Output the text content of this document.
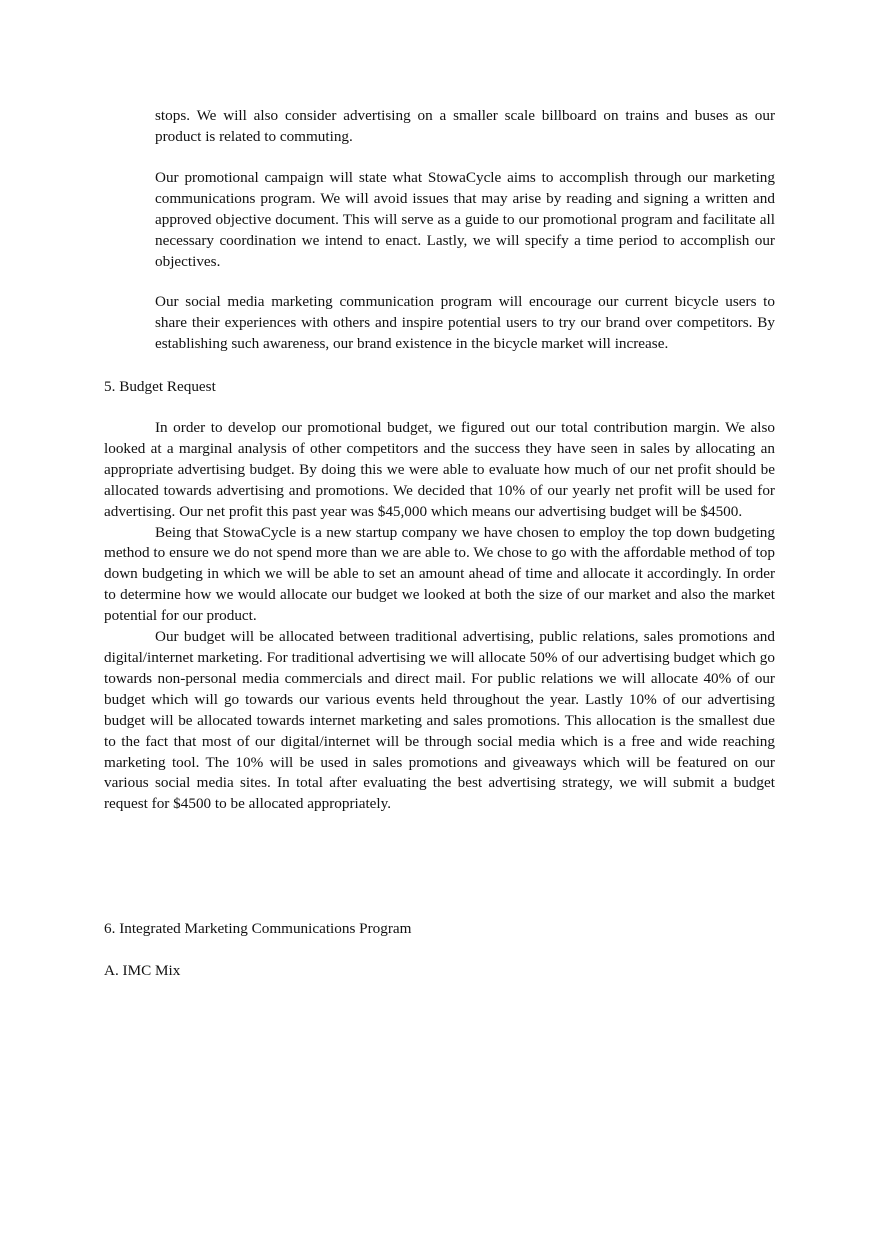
stops. We will also consider advertising on a smaller scale billboard on trains and buses as our product is related to commuting.

Our promotional campaign will state what StowaCycle aims to accomplish through our marketing communications program. We will avoid issues that may arise by reading and signing a written and approved objective document. This will serve as a guide to our promotional program and facilitate all necessary coordination we intend to enact. Lastly, we will specify a time period to accomplish our objectives.

Our social media marketing communication program will encourage our current bicycle users to share their experiences with others and inspire potential users to try our brand over competitors. By establishing such awareness, our brand existence in the bicycle market will increase.

5. Budget Request

In order to develop our promotional budget, we figured out our total contribution margin. We also looked at a marginal analysis of other competitors and the success they have seen in sales by allocating an appropriate advertising budget. By doing this we were able to evaluate how much of our net profit should be allocated towards advertising and promotions. We decided that 10% of our yearly net profit will be used for advertising. Our net profit this past year was $45,000 which means our advertising budget will be $4500.

Being that StowaCycle is a new startup company we have chosen to employ the top down budgeting method to ensure we do not spend more than we are able to. We chose to go with the affordable method of top down budgeting in which we will be able to set an amount ahead of time and allocate it accordingly. In order to determine how we would allocate our budget we looked at both the size of our market and also the market potential for our product.

Our budget will be allocated between traditional advertising, public relations, sales promotions and digital/internet marketing. For traditional advertising we will allocate 50% of our advertising budget which go towards non-personal media commercials and direct mail. For public relations we will allocate 40% of our budget which will go towards our various events held throughout the year. Lastly 10% of our advertising budget will be allocated towards internet marketing and sales promotions. This allocation is the smallest due to the fact that most of our digital/internet will be through social media which is a free and wide reaching marketing tool. The 10% will be used in sales promotions and giveaways which will be featured on our various social media sites. In total after evaluating the best advertising strategy, we will submit a budget request for $4500 to be allocated appropriately.

6. Integrated Marketing Communications Program
A. IMC Mix
